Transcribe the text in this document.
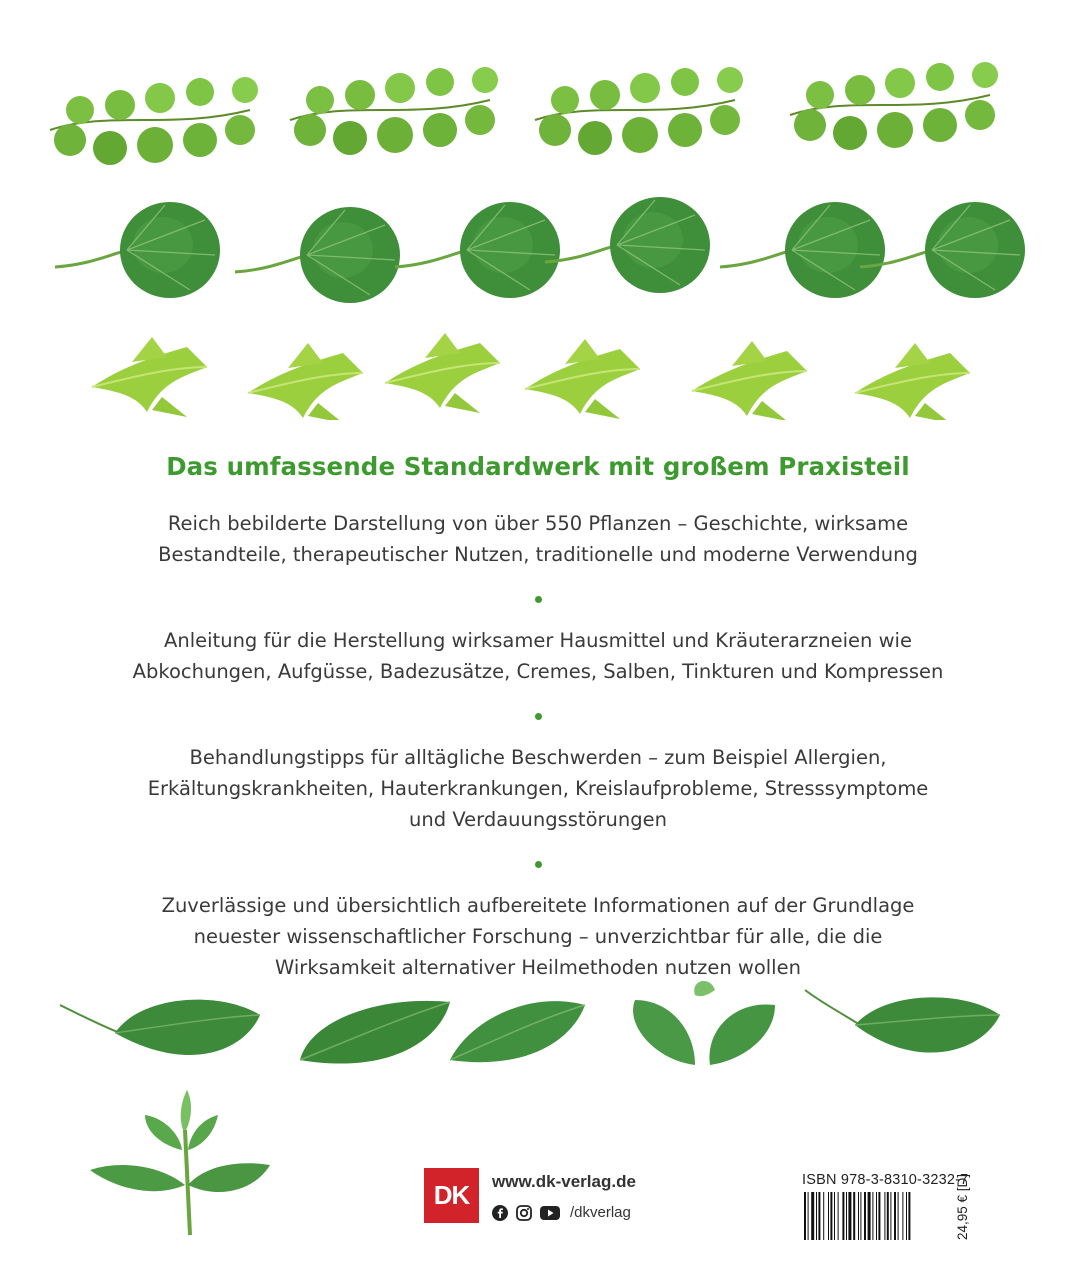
Das umfassende Standardwerk mit großem Praxisteil
Reich bebilderte Darstellung von über 550 Pflanzen – Geschichte, wirksame
Bestandteile, therapeutischer Nutzen, traditionelle und moderne Verwendung
Anleitung für die Herstellung wirksamer Hausmittel und Kräuterarzneien wie
Abkochungen, Aufgüsse, Badezusätze, Cremes, Salben, Tinkturen und Kompressen
Behandlungstipps für alltägliche Beschwerden – zum Beispiel Allergien,
Erkältungskrankheiten, Hauterkrankungen, Kreislaufprobleme, Stresssymptome
und Verdauungsstörungen
Zuverlässige und übersichtlich aufbereitete Informationen auf der Grundlage
neuester wissenschaftlicher Forschung – unverzichtbar für alle, die die
Wirksamkeit alternativer Heilmethoden nutzen wollen
DK www.dk-verlag.de
/dkverlag
ISBN 978-3-8310-3232-7
24,95 € [D]
